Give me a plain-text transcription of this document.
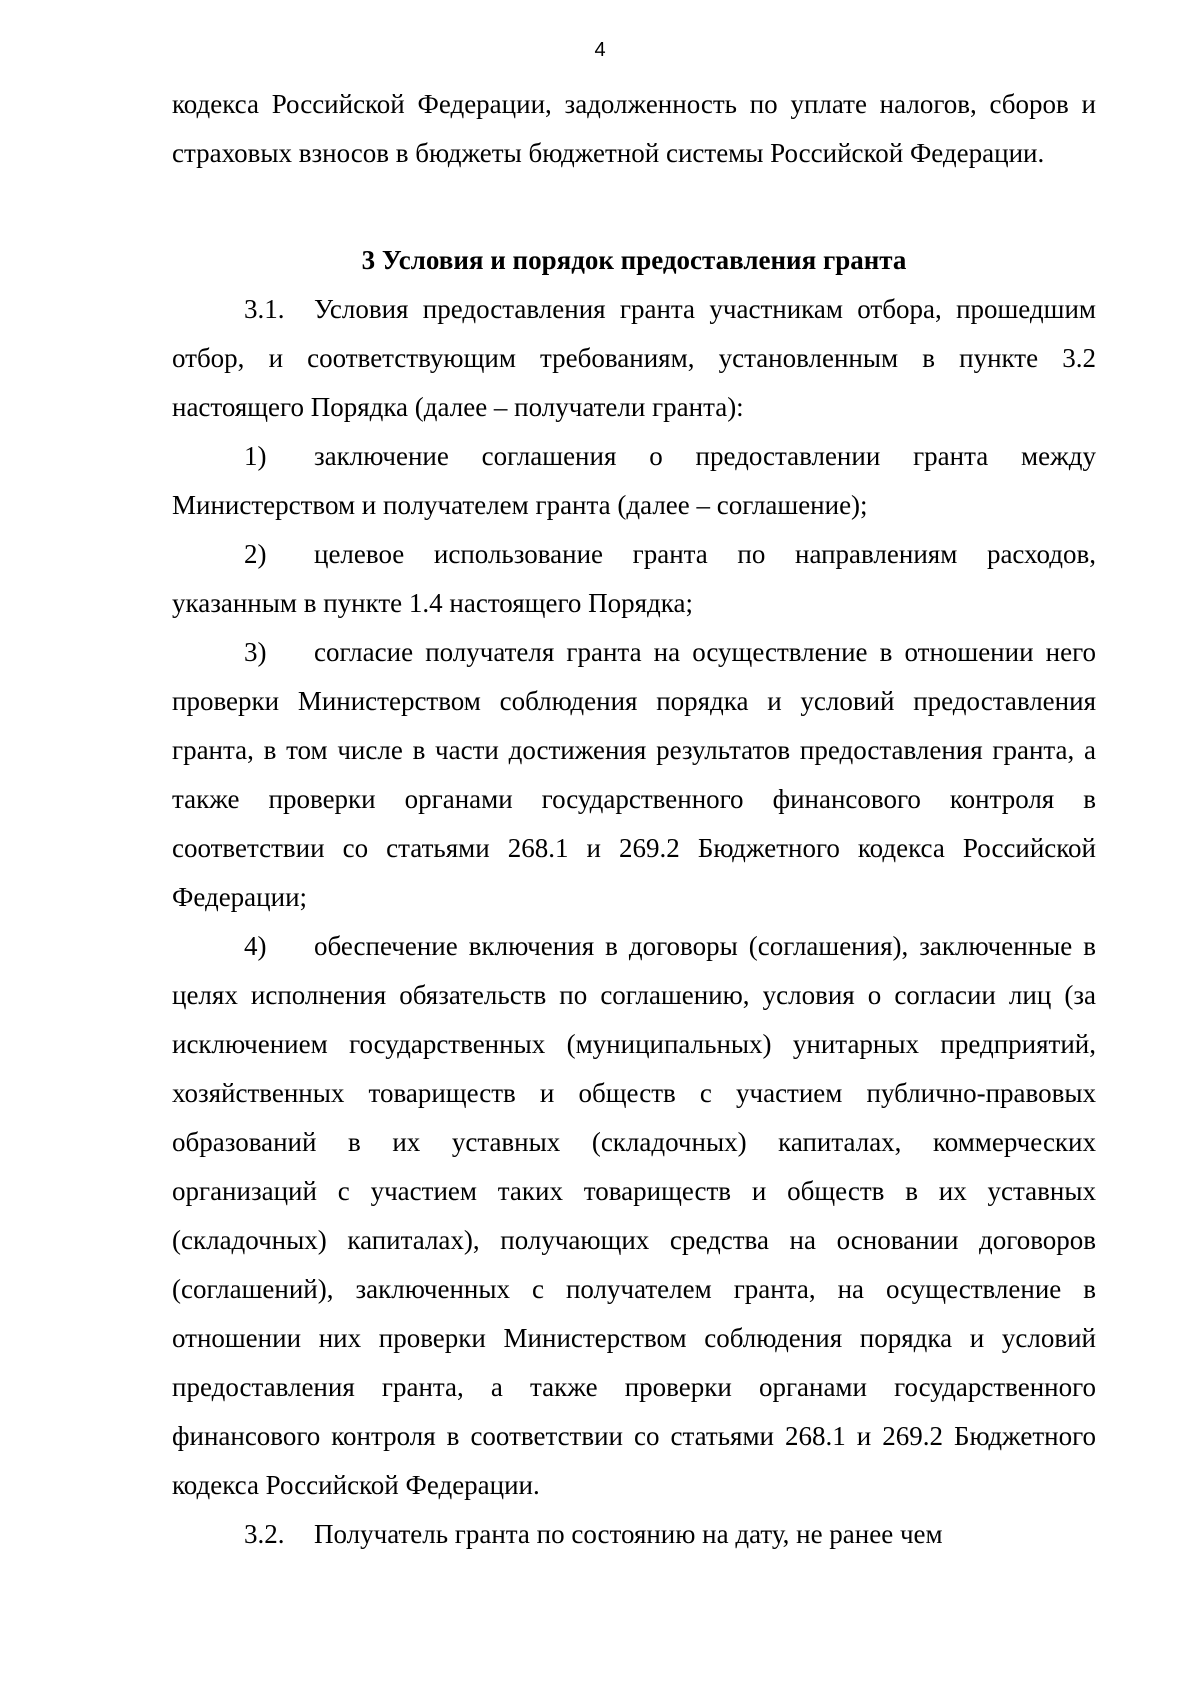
4

кодекса Российской Федерации, задолженность по уплате налогов, сборов и страховых взносов в бюджеты бюджетной системы Российской Федерации.

3 Условия и порядок предоставления гранта

3.1. Условия предоставления гранта участникам отбора, прошедшим отбор, и соответствующим требованиям, установленным в пункте 3.2 настоящего Порядка (далее – получатели гранта):

1) заключение соглашения о предоставлении гранта между Министерством и получателем гранта (далее – соглашение);

2) целевое использование гранта по направлениям расходов, указанным в пункте 1.4 настоящего Порядка;

3) согласие получателя гранта на осуществление в отношении него проверки Министерством соблюдения порядка и условий предоставления гранта, в том числе в части достижения результатов предоставления гранта, а также проверки органами государственного финансового контроля в соответствии со статьями 268.1 и 269.2 Бюджетного кодекса Российской Федерации;

4) обеспечение включения в договоры (соглашения), заключенные в целях исполнения обязательств по соглашению, условия о согласии лиц (за исключением государственных (муниципальных) унитарных предприятий, хозяйственных товариществ и обществ с участием публично-правовых образований в их уставных (складочных) капиталах, коммерческих организаций с участием таких товариществ и обществ в их уставных (складочных) капиталах), получающих средства на основании договоров (соглашений), заключенных с получателем гранта, на осуществление в отношении них проверки Министерством соблюдения порядка и условий предоставления гранта, а также проверки органами государственного финансового контроля в соответствии со статьями 268.1 и 269.2 Бюджетного кодекса Российской Федерации.

3.2. Получатель гранта по состоянию на дату, не ранее чем
